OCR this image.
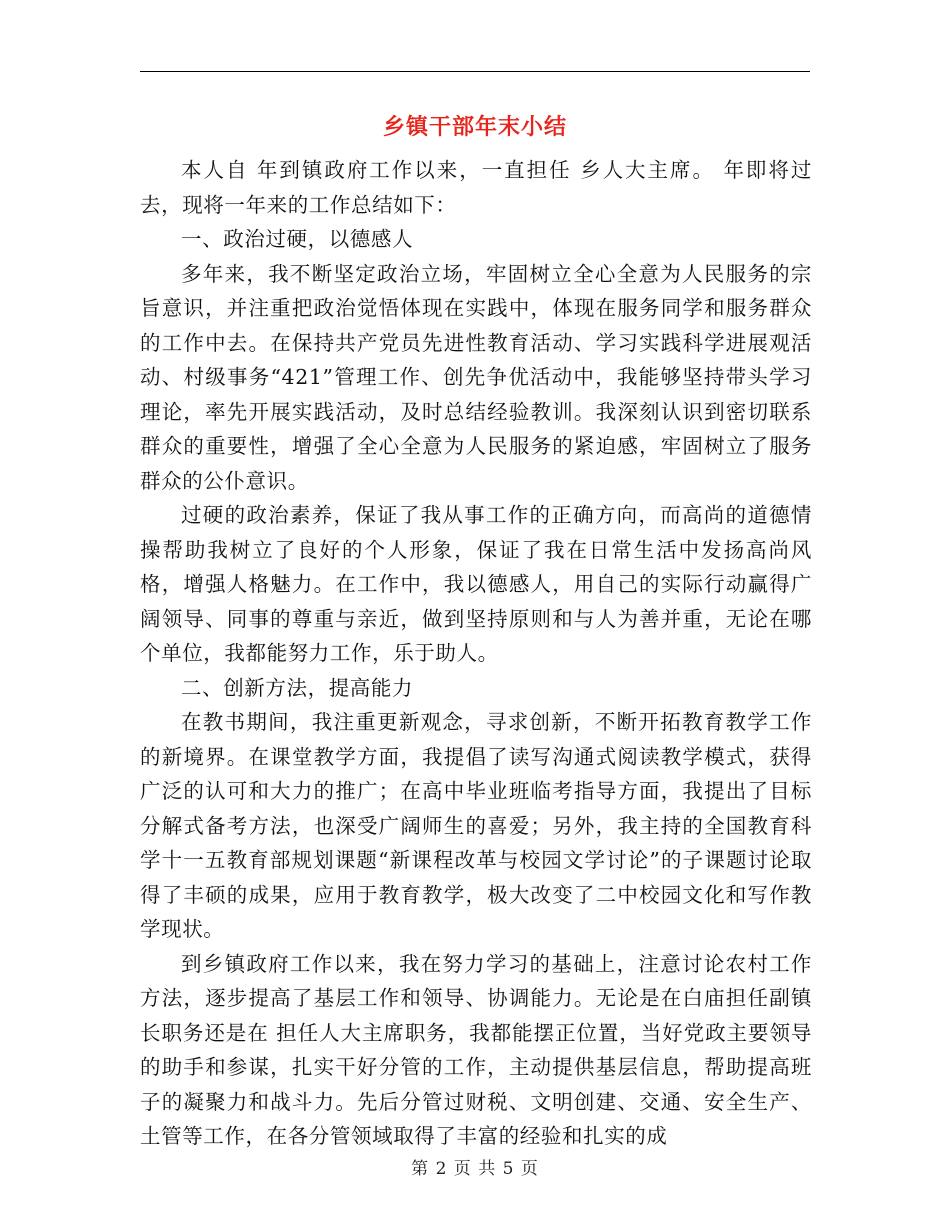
乡镇干部年末小结

本人自 年到镇政府工作以来，一直担任 乡人大主席。 年即将过去，现将一年来的工作总结如下：

一、政治过硬，以德感人

多年来，我不断坚定政治立场，牢固树立全心全意为人民服务的宗旨意识，并注重把政治觉悟体现在实践中，体现在服务同学和服务群众的工作中去。在保持共产党员先进性教育活动、学习实践科学进展观活动、村级事务“421”管理工作、创先争优活动中，我能够坚持带头学习理论，率先开展实践活动，及时总结经验教训。我深刻认识到密切联系群众的重要性，增强了全心全意为人民服务的紧迫感，牢固树立了服务群众的公仆意识。

过硬的政治素养，保证了我从事工作的正确方向，而高尚的道德情操帮助我树立了良好的个人形象，保证了我在日常生活中发扬高尚风格，增强人格魅力。在工作中，我以德感人，用自己的实际行动赢得广阔领导、同事的尊重与亲近，做到坚持原则和与人为善并重，无论在哪个单位，我都能努力工作，乐于助人。

二、创新方法，提高能力

在教书期间，我注重更新观念，寻求创新，不断开拓教育教学工作的新境界。在课堂教学方面，我提倡了读写沟通式阅读教学模式，获得广泛的认可和大力的推广；在高中毕业班临考指导方面，我提出了目标分解式备考方法，也深受广阔师生的喜爱；另外，我主持的全国教育科学十一五教育部规划课题“新课程改革与校园文学讨论”的子课题讨论取得了丰硕的成果，应用于教育教学，极大改变了二中校园文化和写作教学现状。

到乡镇政府工作以来，我在努力学习的基础上，注意讨论农村工作方法，逐步提高了基层工作和领导、协调能力。无论是在白庙担任副镇长职务还是在 担任人大主席职务，我都能摆正位置，当好党政主要领导的助手和参谋，扎实干好分管的工作，主动提供基层信息，帮助提高班子的凝聚力和战斗力。先后分管过财税、文明创建、交通、安全生产、土管等工作，在各分管领域取得了丰富的经验和扎实的成

第 2 页 共 5 页
